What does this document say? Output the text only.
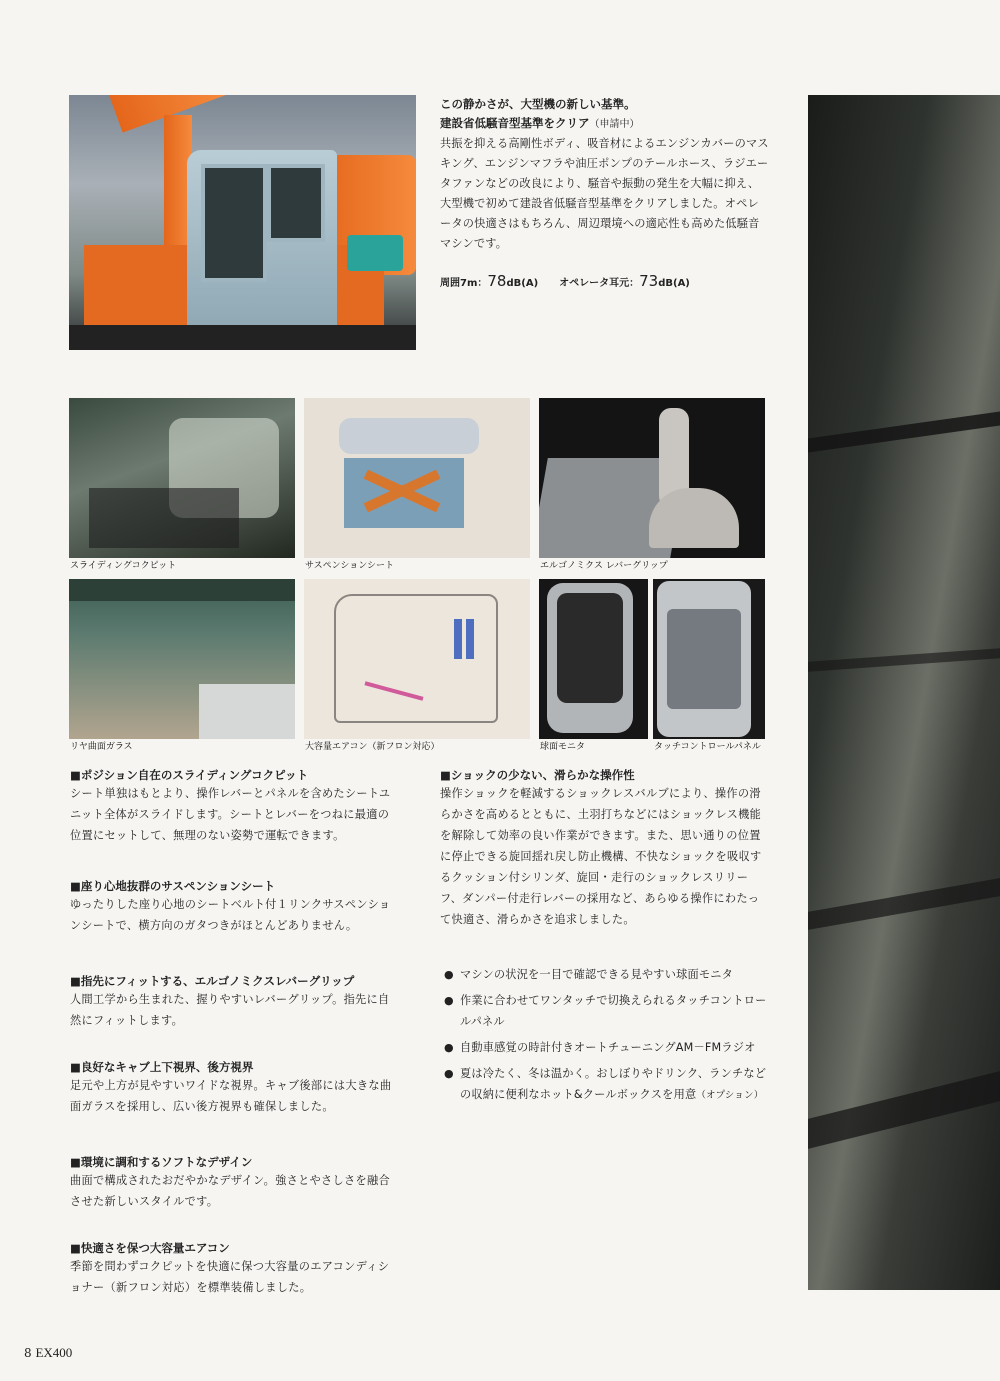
この静かさが、大型機の新しい基準。
建設省低騒音型基準をクリア（申請中）
共振を抑える高剛性ボディ、吸音材によるエンジンカバーのマスキング、エンジンマフラや油圧ポンプのテールホース、ラジエータファンなどの改良により、騒音や振動の発生を大幅に抑え、大型機で初めて建設省低騒音型基準をクリアしました。オペレータの快適さはもちろん、周辺環境への適応性も高めた低騒音マシンです。
周囲7m：78dB(A) オペレータ耳元：73dB(A)
スライディングコクピット	サスペンションシート	エルゴノミクス レバーグリップ
リヤ曲面ガラス	大容量エアコン（新フロン対応）	球面モニタ	タッチコントロールパネル
■ポジション自在のスライディングコクピット
シート単独はもとより、操作レバーとパネルを含めたシートユニット全体がスライドします。シートとレバーをつねに最適の位置にセットして、無理のない姿勢で運転できます。
■座り心地抜群のサスペンションシート
ゆったりした座り心地のシートベルト付１リンクサスペンションシートで、横方向のガタつきがほとんどありません。
■指先にフィットする、エルゴノミクスレバーグリップ
人間工学から生まれた、握りやすいレバーグリップ。指先に自然にフィットします。
■良好なキャブ上下視界、後方視界
足元や上方が見やすいワイドな視界。キャブ後部には大きな曲面ガラスを採用し、広い後方視界も確保しました。
■環境に調和するソフトなデザイン
曲面で構成されたおだやかなデザイン。強さとやさしさを融合させた新しいスタイルです。
■快適さを保つ大容量エアコン
季節を問わずコクピットを快適に保つ大容量のエアコンディショナー（新フロン対応）を標準装備しました。
■ショックの少ない、滑らかな操作性
操作ショックを軽減するショックレスバルブにより、操作の滑らかさを高めるとともに、土羽打ちなどにはショックレス機能を解除して効率の良い作業ができます。また、思い通りの位置に停止できる旋回揺れ戻し防止機構、不快なショックを吸収するクッション付シリンダ、旋回・走行のショックレスリリーフ、ダンパー付走行レバーの採用など、あらゆる操作にわたって快適さ、滑らかさを追求しました。
● マシンの状況を一目で確認できる見やすい球面モニタ
● 作業に合わせてワンタッチで切換えられるタッチコントロールパネル
● 自動車感覚の時計付きオートチューニングAM－FMラジオ
● 夏は冷たく、冬は温かく。おしぼりやドリンク、ランチなどの収納に便利なホット&クールボックスを用意（オプション）
8 EX400
